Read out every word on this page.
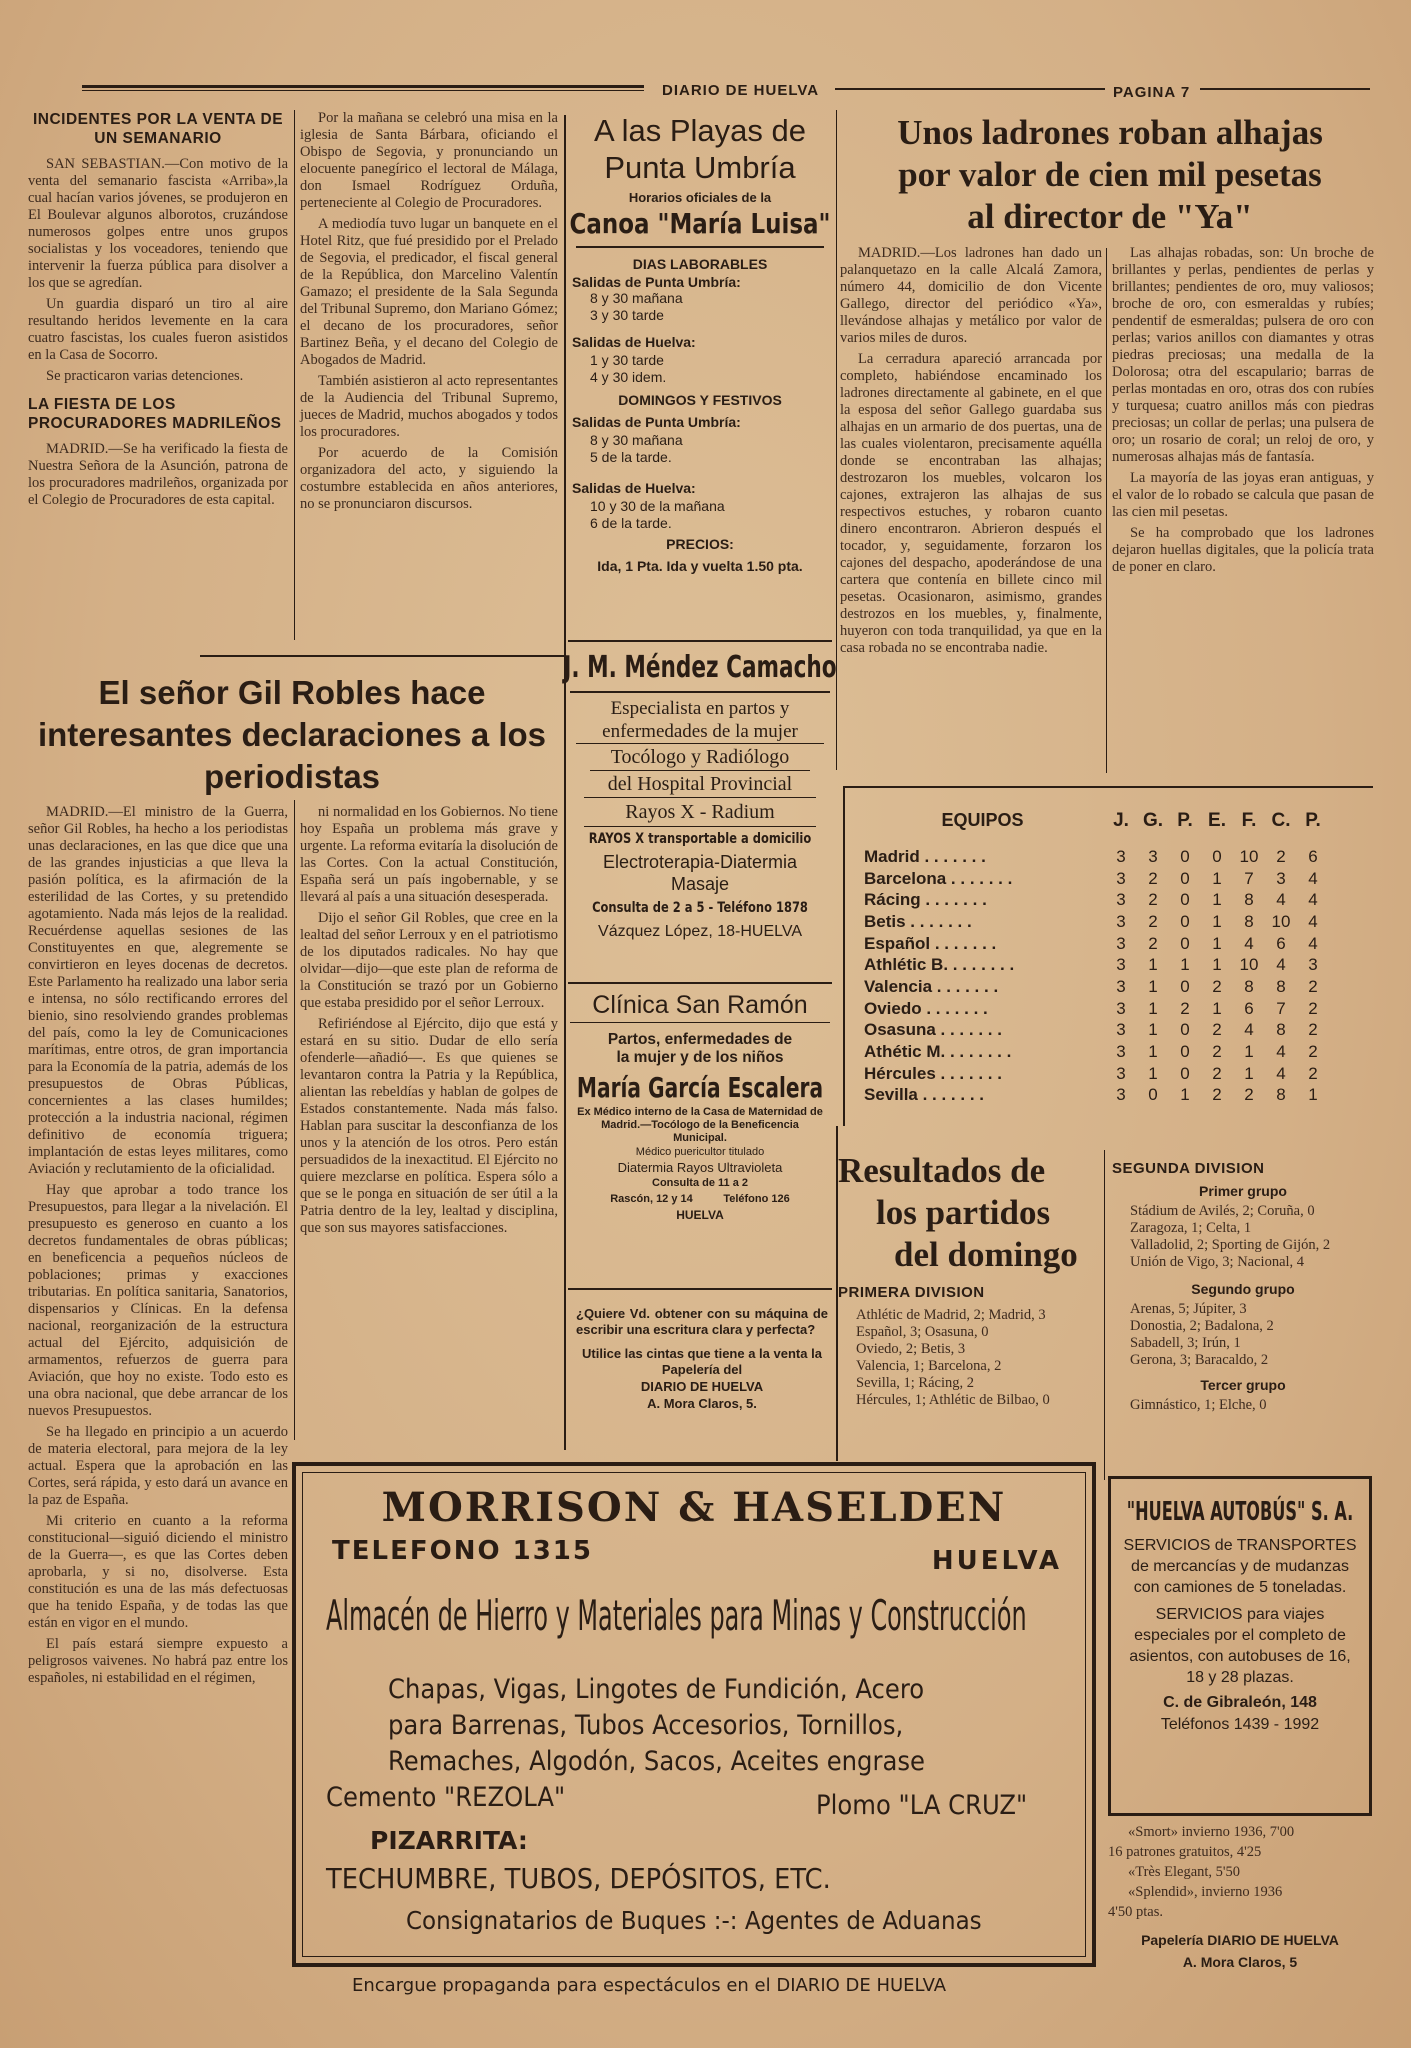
DIARIO DE HUELVA	PAGINA 7
INCIDENTES POR LA VENTA DE UN SEMANARIO

SAN SEBASTIAN.—Con motivo de la venta del semanario fascista «Arriba»,la cual hacían varios jóvenes, se produjeron en El Boulevar algunos alborotos, cruzándose numerosos golpes entre unos grupos socialistas y los voceadores, teniendo que intervenir la fuerza pública para disolver a los que se agredían.

Un guardia disparó un tiro al aire resultando heridos levemente en la cara cuatro fascistas, los cuales fueron asistidos en la Casa de Socorro.

Se practicaron varias detenciones.

LA FIESTA DE LOS PROCURADORES MADRILEÑOS

MADRID.—Se ha verificado la fiesta de Nuestra Señora de la Asunción, patrona de los procuradores madrileños, organizada por el Colegio de Procuradores de esta capital.

Por la mañana se celebró una misa en la iglesia de Santa Bárbara, oficiando el Obispo de Segovia, y pronunciando un elocuente panegírico el lectoral de Málaga, don Ismael Rodríguez Orduña, perteneciente al Colegio de Procuradores.

A mediodía tuvo lugar un banquete en el Hotel Ritz, que fué presidido por el Prelado de Segovia, el predicador, el fiscal general de la República, don Marcelino Valentín Gamazo; el presidente de la Sala Segunda del Tribunal Supremo, don Mariano Gómez; el decano de los procuradores, señor Bartinez Beña, y el decano del Colegio de Abogados de Madrid.

También asistieron al acto representantes de la Audiencia del Tribunal Supremo, jueces de Madrid, muchos abogados y todos los procuradores.

Por acuerdo de la Comisión organizadora del acto, y siguiendo la costumbre establecida en años anteriores, no se pronunciaron discursos.

El señor Gil Robles hace interesantes declaraciones a los periodistas

MADRID.—El ministro de la Guerra, señor Gil Robles, ha hecho a los periodistas unas declaraciones, en las que dice que una de las grandes injusticias a que lleva la pasión política, es la afirmación de la esterilidad de las Cortes, y su pretendido agotamiento. Nada más lejos de la realidad. Recuérdense aquellas sesiones de las Constituyentes en que, alegremente se convirtieron en leyes docenas de decretos. Este Parlamento ha realizado una labor seria e intensa, no sólo rectificando errores del bienio, sino resolviendo grandes problemas del país, como la ley de Comunicaciones marítimas, entre otros, de gran importancia para la Economía de la patria, además de los presupuestos de Obras Públicas, concernientes a las clases humildes; protección a la industria nacional, régimen definitivo de economía triguera; implantación de estas leyes militares, como Aviación y reclutamiento de la oficialidad.

Hay que aprobar a todo trance los Presupuestos, para llegar a la nivelación. El presupuesto es generoso en cuanto a los decretos fundamentales de obras públicas; en beneficencia a pequeños núcleos de poblaciones; primas y exacciones tributarias. En política sanitaria, Sanatorios, dispensarios y Clínicas. En la defensa nacional, reorganización de la estructura actual del Ejército, adquisición de armamentos, refuerzos de guerra para Aviación, que hoy no existe. Todo esto es una obra nacional, que debe arrancar de los nuevos Presupuestos.

Se ha llegado en principio a un acuerdo de materia electoral, para mejora de la ley actual. Espera que la aprobación en las Cortes, será rápida, y esto dará un avance en la paz de España.

Mi criterio en cuanto a la reforma constitucional—siguió diciendo el ministro de la Guerra—, es que las Cortes deben aprobarla, y si no, disolverse. Esta constitución es una de las más defectuosas que ha tenido España, y de todas las que están en vigor en el mundo.

El país estará siempre expuesto a peligrosos vaivenes. No habrá paz entre los españoles, ni estabilidad en el régimen,

ni normalidad en los Gobiernos. No tiene hoy España un problema más grave y urgente. La reforma evitaría la disolución de las Cortes. Con la actual Constitución, España será un país ingobernable, y se llevará al país a una situación desesperada.

Dijo el señor Gil Robles, que cree en la lealtad del señor Lerroux y en el patriotismo de los diputados radicales. No hay que olvidar—dijo—que este plan de reforma de la Constitución se trazó por un Gobierno que estaba presidido por el señor Lerroux.

Refiriéndose al Ejército, dijo que está y estará en su sitio. Dudar de ello sería ofenderle—añadió—. Es que quienes se levantaron contra la Patria y la República, alientan las rebeldías y hablan de golpes de Estados constantemente. Nada más falso. Hablan para suscitar la desconfianza de los unos y la atención de los otros. Pero están persuadidos de la inexactitud. El Ejército no quiere mezclarse en política. Espera sólo a que se le ponga en situación de ser útil a la Patria dentro de la ley, lealtad y disciplina, que son sus mayores satisfacciones.

A las Playas de Punta Umbría
Horarios oficiales de la
Canoa "María Luisa"
DIAS LABORABLES
Salidas de Punta Umbría:
8 y 30 mañana
3 y 30 tarde
Salidas de Huelva:
1 y 30 tarde
4 y 30 idem.
DOMINGOS Y FESTIVOS
Salidas de Punta Umbría:
8 y 30 mañana
5 de la tarde.
Salidas de Huelva:
10 y 30 de la mañana
6 de la tarde.
PRECIOS:
Ida, 1 Pta. Ida y vuelta 1.50 pta.
J. M. Méndez Camacho
Especialista en partos y
enfermedades de la mujer
Tocólogo y Radiólogo
del Hospital Provincial
Rayos X - Radium
RAYOS X transportable a domicilio
Electroterapia-Diatermia
Masaje
Consulta de 2 a 5 - Teléfono 1878
Vázquez López, 18-HUELVA
Clínica San Ramón
Partos, enfermedades de
la mujer y de los niños
María García Escalera
Ex Médico interno de la Casa de Maternidad de Madrid.—Tocólogo de la Beneficencia Municipal.
Médico puericultor titulado
Diatermia Rayos Ultravioleta
Consulta de 11 a 2
Rascón, 12 y 14          Teléfono 126
HUELVA
¿Quiere Vd. obtener con su máquina de escribir una escritura clara y perfecta?
Utilice las cintas que tiene a la venta la Papelería del
DIARIO DE HUELVA
A. Mora Claros, 5.
Unos ladrones roban alhajas
por valor de cien mil pesetas
al director de "Ya"

MADRID.—Los ladrones han dado un palanquetazo en la calle Alcalá Zamora, número 44, domicilio de don Vicente Gallego, director del periódico «Ya», llevándose alhajas y metálico por valor de varios miles de duros.

La cerradura apareció arrancada por completo, habiéndose encaminado los ladrones directamente al gabinete, en el que la esposa del señor Gallego guardaba sus alhajas en un armario de dos puertas, una de las cuales violentaron, precisamente aquélla donde se encontraban las alhajas; destrozaron los muebles, volcaron los cajones, extrajeron las alhajas de sus respectivos estuches, y robaron cuanto dinero encontraron. Abrieron después el tocador, y, seguidamente, forzaron los cajones del despacho, apoderándose de una cartera que contenía en billete cinco mil pesetas. Ocasionaron, asimismo, grandes destrozos en los muebles, y, finalmente, huyeron con toda tranquilidad, ya que en la casa robada no se encontraba nadie.

Las alhajas robadas, son: Un broche de brillantes y perlas, pendientes de perlas y brillantes; pendientes de oro, muy valiosos; broche de oro, con esmeraldas y rubíes; pendentif de esmeraldas; pulsera de oro con perlas; varios anillos con diamantes y otras piedras preciosas; una medalla de la Dolorosa; otra del escapulario; barras de perlas montadas en oro, otras dos con rubíes y turquesa; cuatro anillos más con piedras preciosas; un collar de perlas; una pulsera de oro; un rosario de coral; un reloj de oro, y numerosas alhajas más de fantasía.

La mayoría de las joyas eran antiguas, y el valor de lo robado se calcula que pasan de las cien mil pesetas.

Se ha comprobado que los ladrones dejaron huellas digitales, que la policía trata de poner en claro.

EQUIPOS	J.	G.	P.	E.	F.	C.	P.
Madrid . . . . . . .	3	3	0	0	10	2	6
Barcelona . . . . . . .	3	2	0	1	7	3	4
Rácing . . . . . . .	3	2	0	1	8	4	4
Betis . . . . . . .	3	2	0	1	8	10	4
Español . . . . . . .	3	2	0	1	4	6	4
Athlétic B. . . . . . . .	3	1	1	1	10	4	3
Valencia . . . . . . .	3	1	0	2	8	8	2
Oviedo . . . . . . .	3	1	2	1	6	7	2
Osasuna . . . . . . .	3	1	0	2	4	8	2
Athétic M. . . . . . . .	3	1	0	2	1	4	2
Hércules . . . . . . .	3	1	0	2	1	4	2
Sevilla . . . . . . .	3	0	1	2	2	8	1
Resultados de
los partidos
del domingo
PRIMERA DIVISION

Athlétic de Madrid, 2; Madrid, 3

Español, 3; Osasuna, 0

Oviedo, 2; Betis, 3

Valencia, 1; Barcelona, 2

Sevilla, 1; Rácing, 2

Hércules, 1; Athlétic de Bilbao, 0

SEGUNDA DIVISION
Primer grupo

Stádium de Avilés, 2; Coruña, 0

Zaragoza, 1; Celta, 1

Valladolid, 2; Sporting de Gijón, 2

Unión de Vigo, 3; Nacional, 4

Segundo grupo

Arenas, 5; Júpiter, 3

Donostia, 2; Badalona, 2

Sabadell, 3; Irún, 1

Gerona, 3; Baracaldo, 2

Tercer grupo

Gimnástico, 1; Elche, 0

MORRISON & HASELDEN
TELEFONO 1315	HUELVA
Almacén de Hierro y Materiales para Minas y Construcción
Chapas, Vigas, Lingotes de Fundición, Acero
para Barrenas, Tubos Accesorios, Tornillos,
Remaches, Algodón, Sacos, Aceites engrase
Cemento "REZOLA"	Plomo "LA CRUZ"
PIZARRITA:
TECHUMBRE, TUBOS, DEPÓSITOS, ETC.
Consignatarios de Buques :-: Agentes de Aduanas
"HUELVA AUTOBÚS" S. A.
SERVICIOS de TRANSPORTES de mercancías y de mudanzas con camiones de 5 toneladas.
SERVICIOS para viajes especiales por el completo de asientos, con autobuses de 16, 18 y 28 plazas.
C. de Gibraleón, 148
Teléfonos 1439 - 1992
«Smort» invierno 1936, 7'00
16 patrones gratuitos, 4'25
«Très Elegant, 5'50
«Splendid», invierno 1936
4'50 ptas.
Papelería DIARIO DE HUELVA
A. Mora Claros, 5
Encargue propaganda para espectáculos en el DIARIO DE HUELVA
